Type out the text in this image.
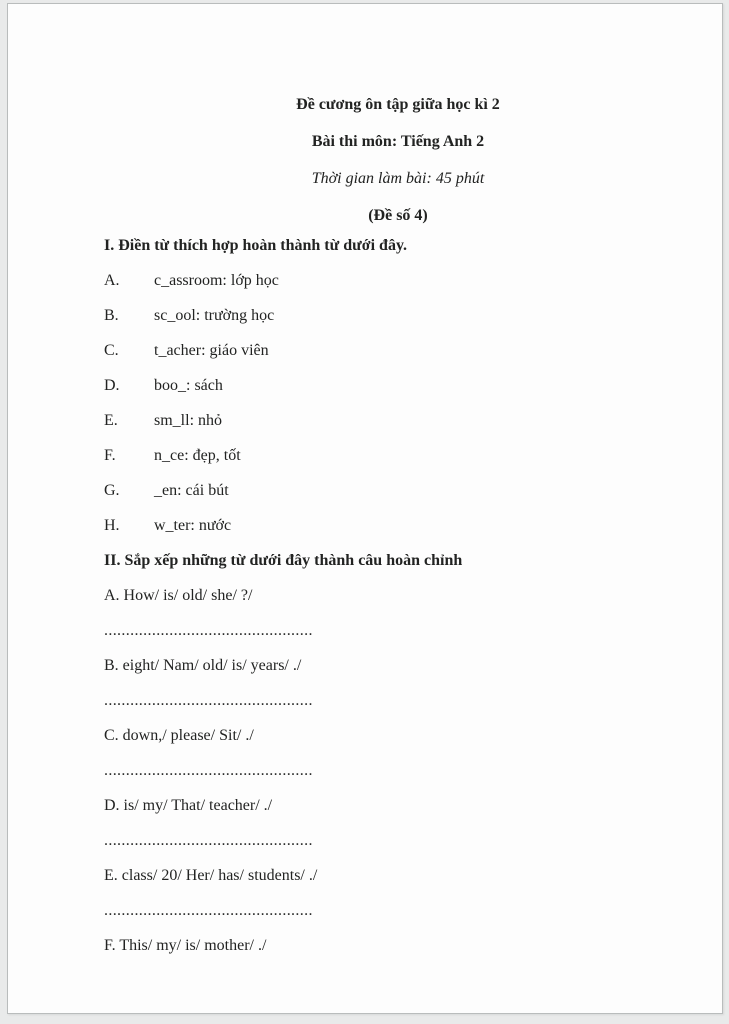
Đề cương ôn tập giữa học kì 2
Bài thi môn: Tiếng Anh 2
Thời gian làm bài: 45 phút
(Đề số 4)
I. Điền từ thích hợp hoàn thành từ dưới đây.
A. c_assroom: lớp học
B. sc_ool: trường học
C. t_acher: giáo viên
D. boo_: sách
E. sm_ll: nhỏ
F. n_ce: đẹp, tốt
G. _en: cái bút
H. w_ter: nước
II. Sắp xếp những từ dưới đây thành câu hoàn chỉnh
A. How/ is/ old/ she/ ?/
................................................
B. eight/ Nam/ old/ is/ years/ ./
................................................
C. down,/ please/ Sit/ ./
................................................
D. is/ my/ That/ teacher/ ./
................................................
E. class/ 20/ Her/ has/ students/ ./
................................................
F. This/ my/ is/ mother/ ./
